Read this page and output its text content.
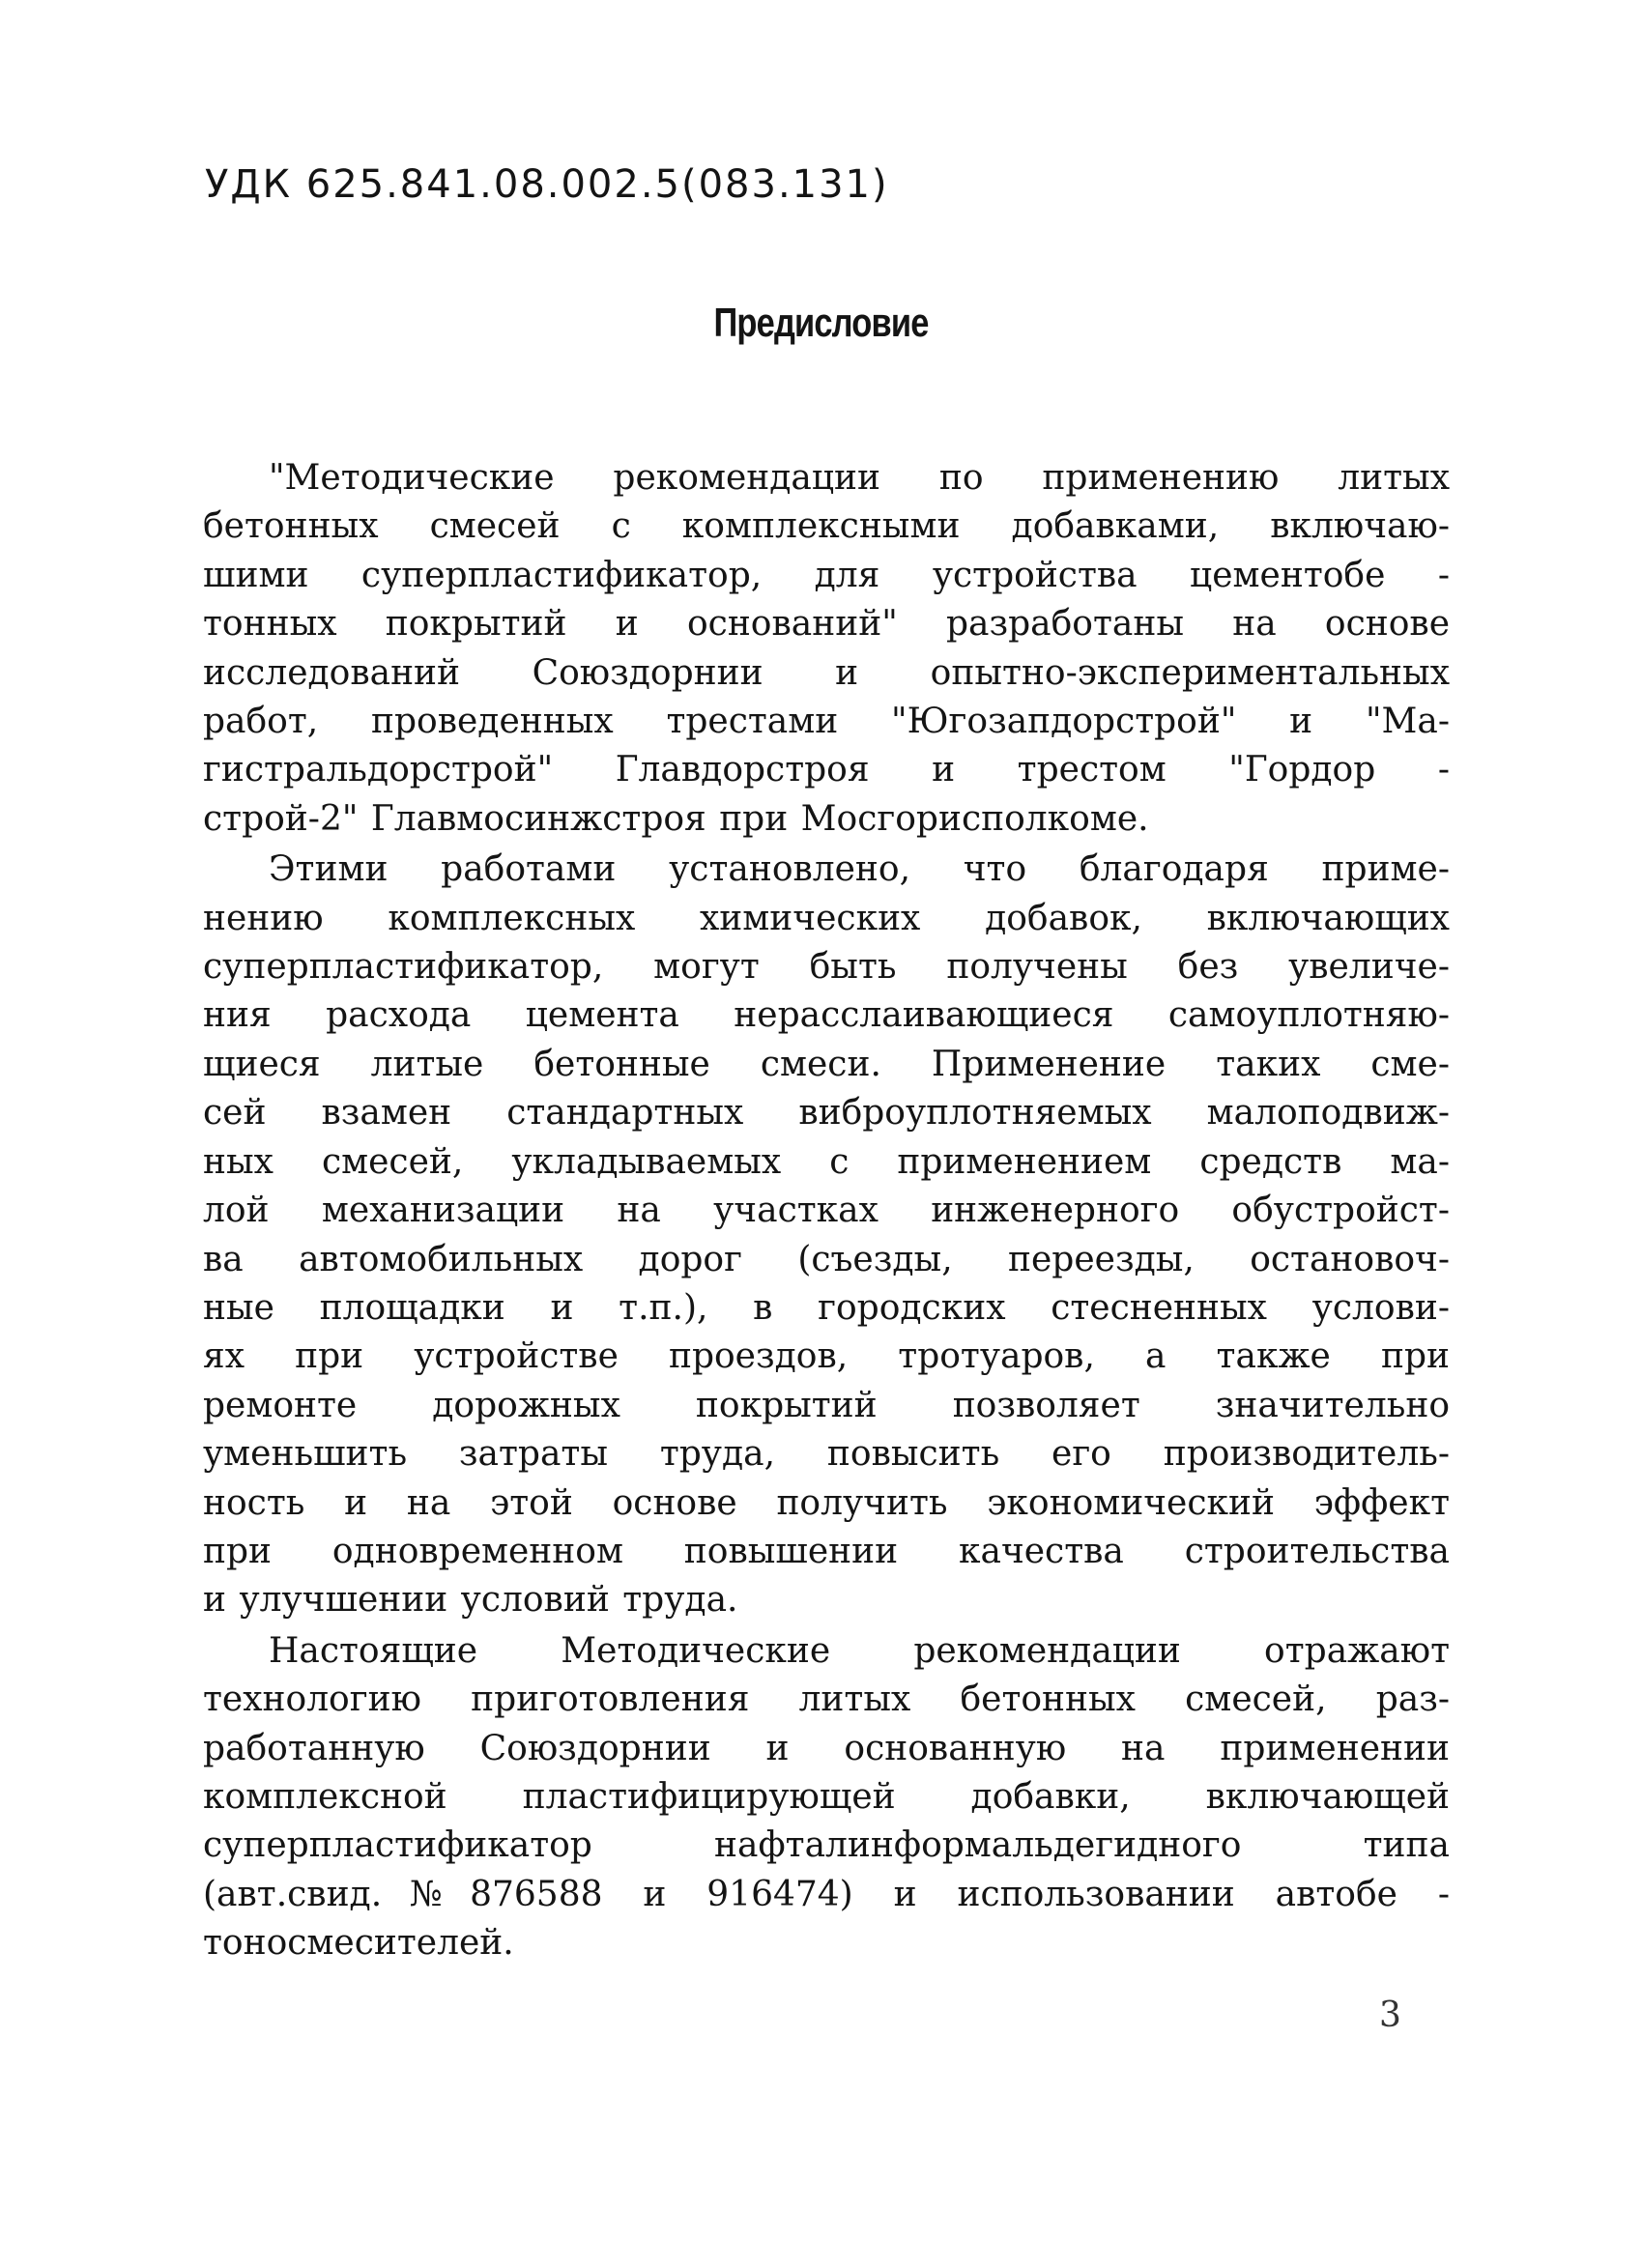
УДК 625.841.08.002.5(083.131)
Предисловие
"Методические рекомендации по применению литых
бетонных смесей с комплексными добавками, включаю-
шими суперпластификатор, для устройства цементобе -
тонных покрытий и оснований" разработаны на основе
исследований Союздорнии и опытно-экспериментальных
работ, проведенных трестами "Югозапдорстрой" и "Ма-
гистральдорстрой" Главдорстроя и трестом "Гордор -
строй-2" Главмосинжстроя при Мосгорисполкоме.
Этими работами установлено, что благодаря приме-
нению комплексных химических добавок, включающих
суперпластификатор, могут быть получены без увеличе-
ния расхода цемента нерасслаивающиеся самоуплотняю-
щиеся литые бетонные смеси. Применение таких сме-
сей взамен стандартных виброуплотняемых малоподвиж-
ных смесей, укладываемых с применением средств ма-
лой механизации на участках инженерного обустройст-
ва автомобильных дорог (съезды, переезды, остановоч-
ные площадки и т.п.), в городских стесненных услови-
ях при устройстве проездов, тротуаров, а также при
ремонте дорожных покрытий позволяет значительно
уменьшить затраты труда, повысить его производитель-
ность и на этой основе получить экономический эффект
при одновременном повышении качества строительства
и улучшении условий труда.
Настоящие Методические рекомендации отражают
технологию приготовления литых бетонных смесей, раз-
работанную Союздорнии и основанную на применении
комплексной пластифицирующей добавки, включающей
суперпластификатор нафталинформальдегидного типа
(авт.свид.№876588 и 916474) и использовании автобе -
тоносмесителей.
3
